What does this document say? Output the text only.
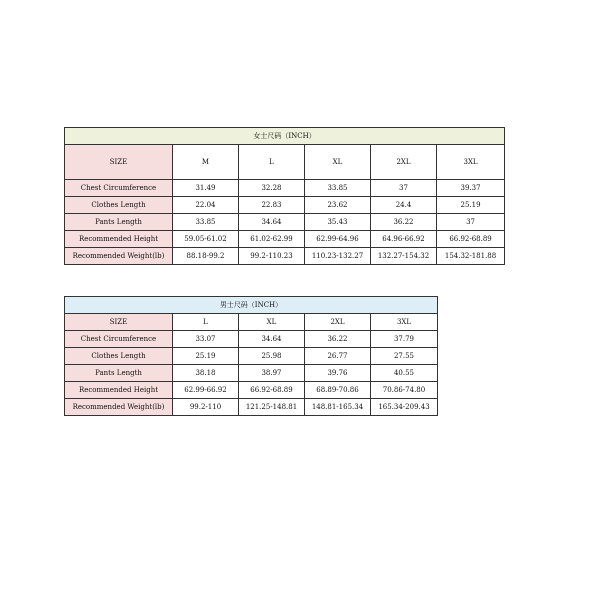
女士尺码（INCH）					
SIZE	M	L	XL	2XL	3XL
Chest Circumference	31.49	32.28	33.85	37	39.37
Clothes Length	22.04	22.83	23.62	24.4	25.19
Pants Length	33.85	34.64	35.43	36.22	37
Recommended Height	59.05-61.02	61.02-62.99	62.99-64.96	64.96-66.92	66.92-68.89
Recommended Weight(lb)	88.18-99.2	99.2-110.23	110.23-132.27	132.27-154.32	154.32-181.88
男士尺码（INCH）				
SIZE	L	XL	2XL	3XL
Chest Circumference	33.07	34.64	36.22	37.79
Clothes Length	25.19	25.98	26.77	27.55
Pants Length	38.18	38.97	39.76	40.55
Recommended Height	62.99-66.92	66.92-68.89	68.89-70.86	70.86-74.80
Recommended Weight(lb)	99.2-110	121.25-148.81	148.81-165.34	165.34-209.43
